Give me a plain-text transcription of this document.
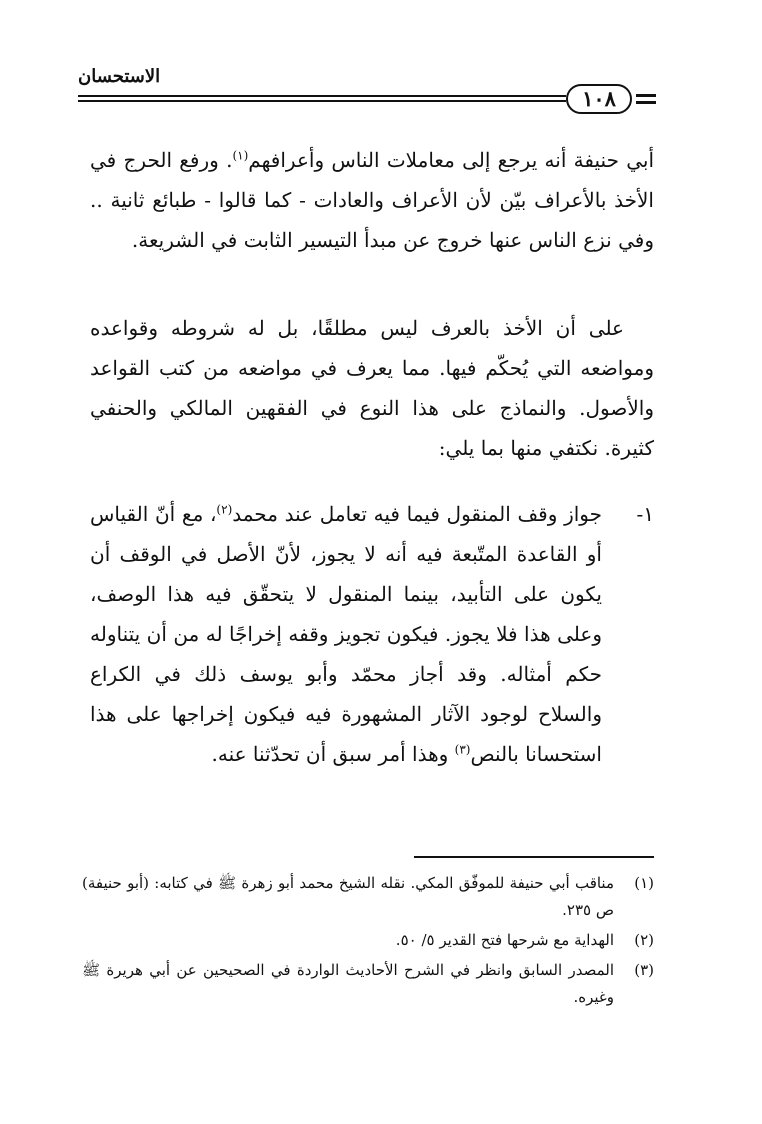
الاستحسان
١٠٨

أبي حنيفة أنه يرجع إلى معاملات الناس وأعرافهم$^{(١)}$. ورفع الحرج في الأخذ بالأعراف بيّن لأن الأعراف والعادات - كما قالوا - طبائع ثانية .. وفي نزع الناس عنها خروج عن مبدأ التيسير الثابت في الشريعة.

على أن الأخذ بالعرف ليس مطلقًا، بل له شروطه وقواعده ومواضعه التي يُحكّم فيها. مما يعرف في مواضعه من كتب القواعد والأصول. والنماذج على هذا النوع في الفقهين المالكي والحنفي كثيرة. نكتفي منها بما يلي:

١-

جواز وقف المنقول فيما فيه تعامل عند محمد$^{(٢)}$، مع أنّ القياس أو القاعدة المتّبعة فيه أنه لا يجوز، لأنّ الأصل في الوقف أن يكون على التأبيد، بينما المنقول لا يتحقّق فيه هذا الوصف، وعلى هذا فلا يجوز. فيكون تجويز وقفه إخراجًا له من أن يتناوله حكم أمثاله. وقد أجاز محمّد وأبو يوسف ذلك في الكراع والسلاح لوجود الآثار المشهورة فيه فيكون إخراجها على هذا استحسانا بالنص$^{(٣)}$ وهذا أمر سبق أن تحدّثنا عنه.

(١)
مناقب أبي حنيفة للموفّق المكي. نقله الشيخ محمد أبو زهرة ﷺ في كتابه: (أبو حنيفة) ص ٢٣٥.

(٢)
الهداية مع شرحها فتح القدير ٥/ ٥٠.

(٣)
المصدر السابق وانظر في الشرح الأحاديث الواردة في الصحيحين عن أبي هريرة ﷺ وغيره.
